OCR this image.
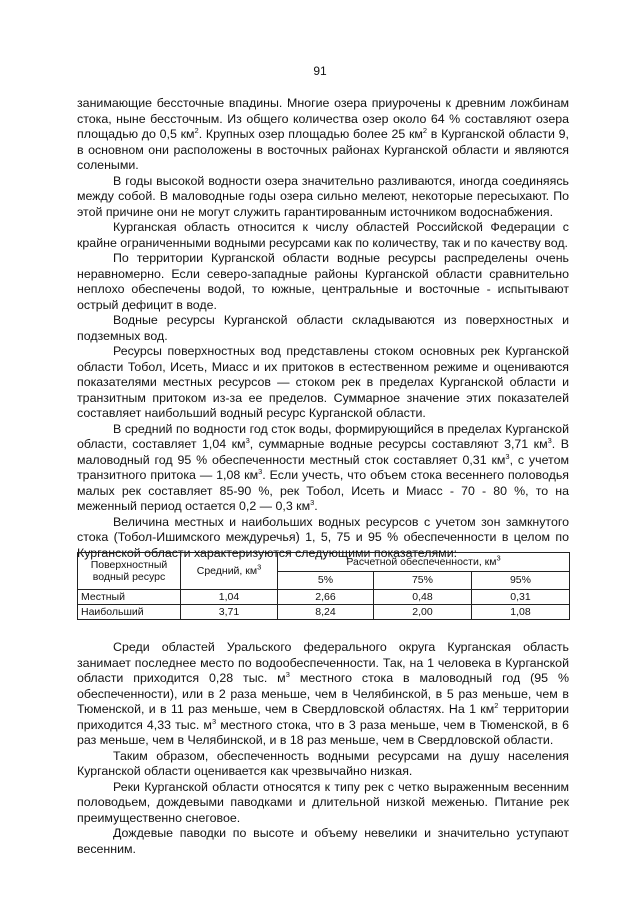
91

занимающие бессточные впадины. Многие озера приурочены к древним ложбинам стока, ныне бессточным. Из общего количества озер около 64 % составляют озера площадью до 0,5 $км^2$. Крупных озер площадью более 25 $км^2$ в Курганской области 9, в основном они расположены в восточных районах Курганской области и являются солеными.

В годы высокой водности озера значительно разливаются, иногда соединяясь между собой. В маловодные годы озера сильно мелеют, некоторые пересыхают. По этой причине они не могут служить гарантированным источником водоснабжения.

Курганская область относится к числу областей Российской Федерации с крайне ограниченными водными ресурсами как по количеству, так и по качеству вод.

По территории Курганской области водные ресурсы распределены очень неравномерно. Если северо-западные районы Курганской области сравнительно неплохо обеспечены водой, то южные, центральные и восточные - испытывают острый дефицит в воде.

Водные ресурсы Курганской области складываются из поверхностных и подземных вод.

Ресурсы поверхностных вод представлены стоком основных рек Курганской области Тобол, Исеть, Миасс и их притоков в естественном режиме и оцениваются показателями местных ресурсов — стоком рек в пределах Курганской области и транзитным притоком из-за ее пределов. Суммарное значение этих показателей составляет наибольший водный ресурс Курганской области.

В средний по водности год сток воды, формирующийся в пределах Курганской области, составляет 1,04 $км^3$, суммарные водные ресурсы составляют 3,71 $км^3$. В маловодный год 95 % обеспеченности местный сток составляет 0,31 $км^3$, с учетом транзитного притока — 1,08 $км^3$. Если учесть, что объем стока весеннего половодья малых рек составляет 85-90 %, рек Тобол, Исеть и Миасс - 70 - 80 %, то на меженный период остается 0,2 — 0,3 $км^3$.

Величина местных и наибольших водных ресурсов с учетом зон замкнутого стока (Тобол-Ишимского междуречья) 1, 5, 75 и 95 % обеспеченности в целом по Курганской области характеризуются следующими показателями:

Поверхностный водный ресурс	Средний, $км^3$	Расчетной обеспеченности, $км^3$
		5%	75%	95%
Местный	1,04	2,66	0,48	0,31
Наибольший	3,71	8,24	2,00	1,08

Среди областей Уральского федерального округа Курганская область занимает последнее место по водообеспеченности. Так, на 1 человека в Курганской области приходится 0,28 тыс. $м^3$ местного стока в маловодный год (95 % обеспеченности), или в 2 раза меньше, чем в Челябинской, в 5 раз меньше, чем в Тюменской, и в 11 раз меньше, чем в Свердловской областях. На 1 $км^2$ территории приходится 4,33 тыс. $м^3$ местного стока, что в 3 раза меньше, чем в Тюменской, в 6 раз меньше, чем в Челябинской, и в 18 раз меньше, чем в Свердловской области.

Таким образом, обеспеченность водными ресурсами на душу населения Курганской области оценивается как чрезвычайно низкая.

Реки Курганской области относятся к типу рек с четко выраженным весенним половодьем, дождевыми паводками и длительной низкой меженью. Питание рек преимущественно снеговое.

Дождевые паводки по высоте и объему невелики и значительно уступают весенним.
